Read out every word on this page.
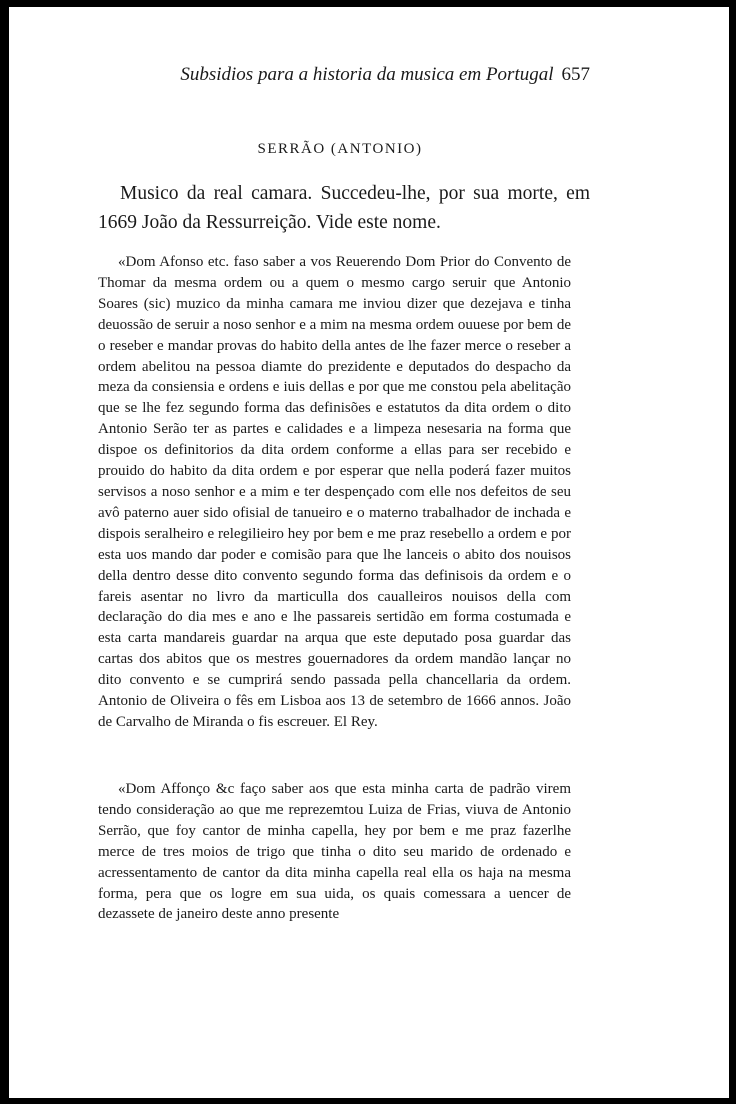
Subsidios para a historia da musica em Portugal 657
SERRÃO (ANTONIO)
Musico da real camara. Succedeu-lhe, por sua morte, em 1669 João da Ressurreição. Vide este nome.
«Dom Afonso etc. faso saber a vos Reuerendo Dom Prior do Convento de Thomar da mesma ordem ou a quem o mesmo cargo seruir que Antonio Soares (sic) muzico da minha camara me inviou dizer que dezejava e tinha deuossão de seruir a noso senhor e a mim na mesma ordem ouuese por bem de o reseber e mandar provas do habito della antes de lhe fazer merce o reseber a ordem abelitou na pessoa diamte do prezidente e deputados do despacho da meza da consiensia e ordens e iuis dellas e por que me constou pela abelitação que se lhe fez segundo forma das definisões e estatutos da dita ordem o dito Antonio Serão ter as partes e calidades e a limpeza nesesaria na forma que dispoe os definitorios da dita ordem conforme a ellas para ser recebido e prouido do habito da dita ordem e por esperar que nella poderá fazer muitos servisos a noso senhor e a mim e ter despençado com elle nos defeitos de seu avô paterno auer sido ofisial de tanueiro e o materno trabalhador de inchada e dispois seralheiro e relegilieiro hey por bem e me praz resebello a ordem e por esta uos mando dar poder e comisão para que lhe lanceis o abito dos nouisos della dentro desse dito convento segundo forma das definisois da ordem e o fareis asentar no livro da marticulla dos caualleiros nouisos della com declaração do dia mes e ano e lhe passareis sertidão em forma costumada e esta carta mandareis guardar na arqua que este deputado posa guardar das cartas dos abitos que os mestres gouernadores da ordem mandão lançar no dito convento e se cumprirá sendo passada pella chancellaria da ordem. Antonio de Oliveira o fês em Lisboa aos 13 de setembro de 1666 annos. João de Carvalho de Miranda o fis escreuer. El Rey.
«Dom Affonço &c faço saber aos que esta minha carta de padrão virem tendo consideração ao que me reprezemtou Luiza de Frias, viuva de Antonio Serrão, que foy cantor de minha capella, hey por bem e me praz fazerlhe merce de tres moios de trigo que tinha o dito seu marido de ordenado e acressentamento de cantor da dita minha capella real ella os haja na mesma forma, pera que os logre em sua uida, os quais comessara a uencer de dezassete de janeiro deste anno presente
